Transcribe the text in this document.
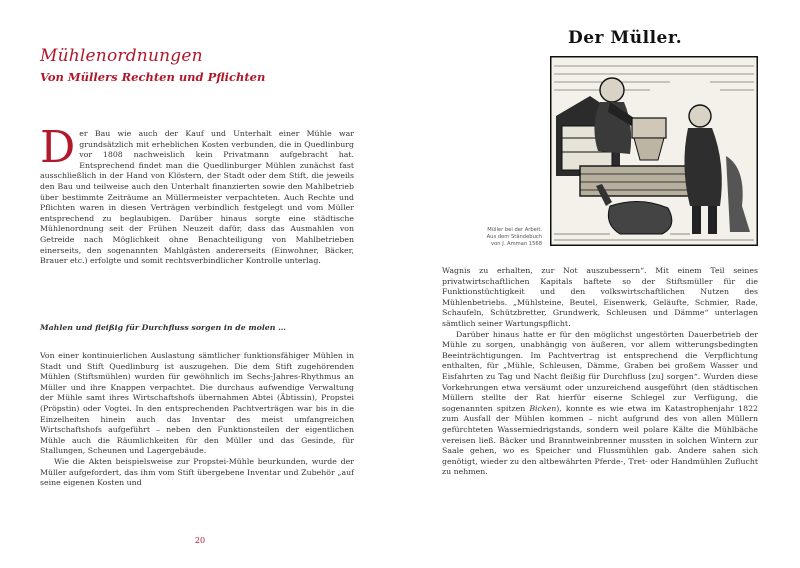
Mühlenordnungen
Von Müllers Rechten und Pflichten
D er Bau wie auch der Kauf und Unterhalt einer Mühle war grundsätzlich mit erheblichen Kosten verbunden, die in Quedlinburg vor 1808 nachweislich kein Privatmann aufgebracht hat. Entsprechend findet man die Quedlinburger Mühlen zunächst fast ausschließlich in der Hand von Klöstern, der Stadt oder dem Stift, die jeweils den Bau und teilweise auch den Unterhalt finanzierten sowie den Mahlbetrieb über bestimmte Zeiträume an Müllermeister verpachteten. Auch Rechte und Pflichten waren in diesen Verträgen verbindlich festgelegt und vom Müller entsprechend zu beglaubigen. Darüber hinaus sorgte eine städtische Mühlenordnung seit der Frühen Neuzeit dafür, dass das Ausmahlen von Getreide nach Möglichkeit ohne Benachteiligung von Mahlbetrieben einerseits, den sogenannten Mahlgästen andererseits (Einwohner, Bäcker, Brauer etc.) erfolgte und somit rechtsverbindlicher Kontrolle unterlag.

Mahlen und fleißig für Durchfluss sorgen in de molen …

Von einer kontinuierlichen Auslastung sämtlicher funktionsfähiger Mühlen in Stadt und Stift Quedlinburg ist auszugehen. Die dem Stift zugehörenden Mühlen (Stiftsmühlen) wurden für gewöhnlich im Sechs-Jahres-Rhythmus an Müller und ihre Knappen verpachtet. Die durchaus aufwendige Verwaltung der Mühle samt ihres Wirtschaftshofs übernahmen Abtei (Äbtissin), Propstei (Pröpstin) oder Vogtei. In den entsprechenden Pachtverträgen war bis in die Einzelheiten hinein auch das Inventar des meist umfangreichen Wirtschaftshofs aufgeführt – neben den Funktionsteilen der eigentlichen Mühle auch die Räumlichkeiten für den Müller und das Gesinde, für Stallungen, Scheunen und Lagergebäude.

Wie die Akten beispielsweise zur Propstei-Mühle beurkunden, wurde der Müller aufgefordert, das ihm vom Stift übergebene Inventar und Zubehör „auf seine eigenen Kosten und

20
Der Müller.
Müller bei der Arbeit.
Aus dem Ständebuch
von J. Amman 1568

Wagnis zu erhalten, zur Not auszubessern“. Mit einem Teil seines privatwirtschaftlichen Kapitals haftete so der Stiftsmüller für die Funktionstüchtigkeit und den volkswirtschaftlichen Nutzen des Mühlenbetriebs. „Mühlsteine, Beutel, Eisenwerk, Geläufte, Schmier, Rade, Schaufeln, Schützbretter, Grundwerk, Schleusen und Dämme“ unterlagen sämtlich seiner Wartungspflicht.

Darüber hinaus hatte er für den möglichst ungestörten Dauerbetrieb der Mühle zu sorgen, unabhängig von äußeren, vor allem witterungsbedingten Beeinträchtigungen. Im Pachtvertrag ist entsprechend die Verpflichtung enthalten, für „Mühle, Schleusen, Dämme, Graben bei großem Wasser und Eisfahrten zu Tag und Nacht fleißig für Durchfluss [zu] sorgen“. Wurden diese Vorkehrungen etwa versäumt oder unzureichend ausgeführt (den städtischen Müllern stellte der Rat hierfür eiserne Schlegel zur Verfügung, die sogenannten spitzen Bicken), konnte es wie etwa im Katastrophenjahr 1822 zum Ausfall der Mühlen kommen – nicht aufgrund des von allen Müllern gefürchteten Wasserniedrigstands, sondern weil polare Kälte die Mühlbäche vereisen ließ. Bäcker und Branntweinbrenner mussten in solchen Wintern zur Saale gehen, wo es Speicher und Flussmühlen gab. Andere sahen sich genötigt, wieder zu den altbewährten Pferde-, Tret- oder Handmühlen Zuflucht zu nehmen.
